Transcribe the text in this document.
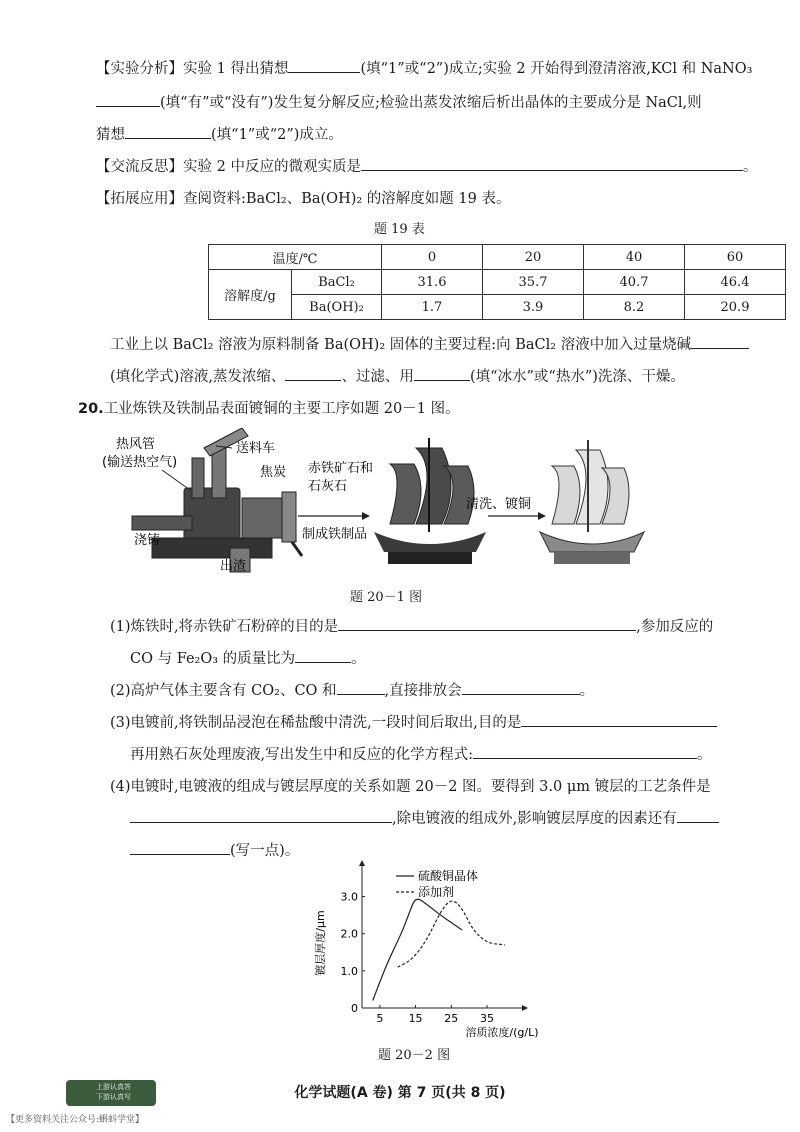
【实验分析】实验 1 得出猜想	(填“1”或“2”)成立;实验 2 开始得到澄清溶液,KCl 和 NaNO₃
(填“有”或“没有”)发生复分解反应;检验出蒸发浓缩后析出晶体的主要成分是 NaCl,则
猜想	(填“1”或“2”)成立。
【交流反思】实验 2 中反应的微观实质是	。
【拓展应用】查阅资料:BaCl₂、Ba(OH)₂ 的溶解度如题 19 表。
题 19 表
温度/℃		0	20	40	60
溶解度/g	BaCl₂	31.6	35.7	40.7	46.4
	Ba(OH)₂	1.7	3.9	8.2	20.9
工业上以 BaCl₂ 溶液为原料制备 Ba(OH)₂ 固体的主要过程:向 BaCl₂ 溶液中加入过量烧碱
(填化学式)溶液,蒸发浓缩、	、过滤、用	(填“冰水”或“热水”)洗涤、干燥。
20.工业炼铁及铁制品表面镀铜的主要工序如题 20－1 图。
热风管
(输送热空气)
送料车
焦炭
浇铸
出渣
赤铁矿石和
石灰石
制成铁制品
清洗、镀铜
题 20－1 图
(1)炼铁时,将赤铁矿石粉碎的目的是	,参加反应的
CO 与 Fe₂O₃ 的质量比为	。
(2)高炉气体主要含有 CO₂、CO 和	,直接排放会	。
(3)电镀前,将铁制品浸泡在稀盐酸中清洗,一段时间后取出,目的是
再用熟石灰处理废液,写出发生中和反应的化学方程式:	。
(4)电镀时,电镀液的组成与镀层厚度的关系如题 20－2 图。要得到 3.0 μm 镀层的工艺条件是
,除电镀液的组成外,影响镀层厚度的因素还有
(写一点)。
5 15 25 35
0
1.0
2.0
3.0
溶质浓度/(g/L)
镀层厚度/μm
硫酸铜晶体
添加剂
题 20－2 图
化学试题(A 卷) 第 7 页(共 8 页)
上游认真答
下游认真写
【更多资料关注公众号:蝌蚪学堂】
